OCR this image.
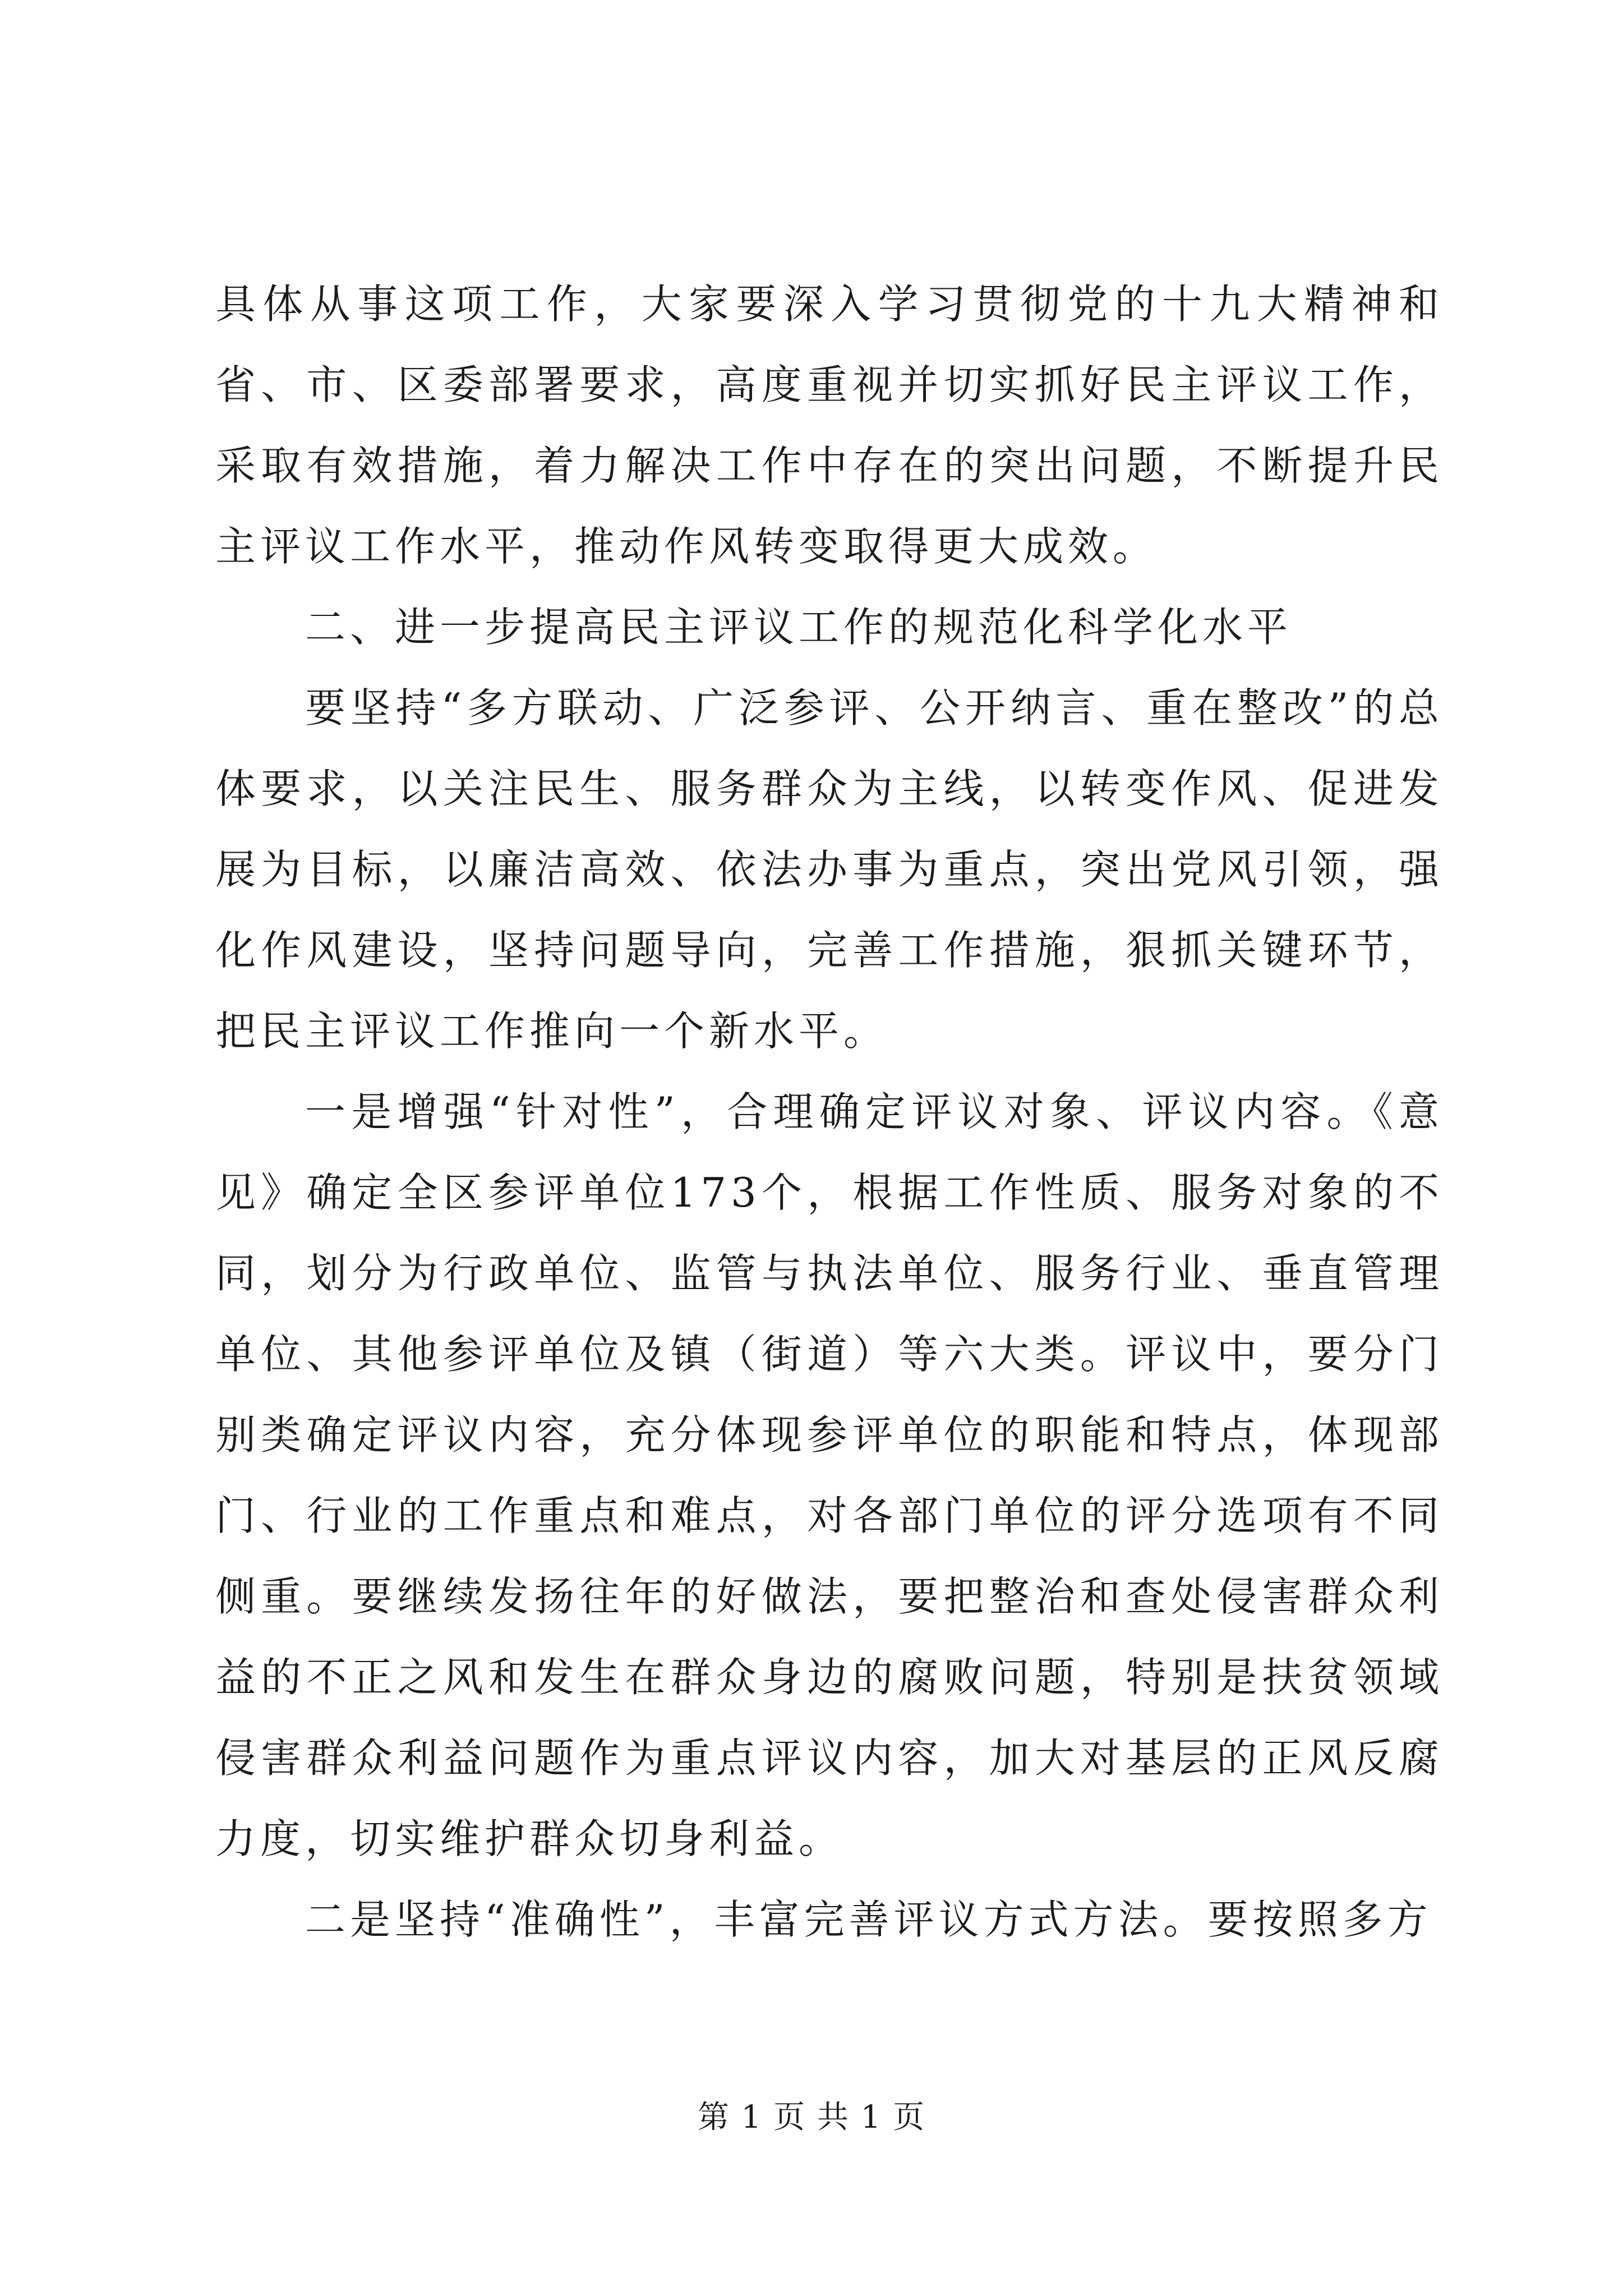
具体从事这项工作，大家要深入学习贯彻党的十九大精神和省、市、区委部署要求，高度重视并切实抓好民主评议工作，采取有效措施，着力解决工作中存在的突出问题，不断提升民主评议工作水平，推动作风转变取得更大成效。

二、进一步提高民主评议工作的规范化科学化水平

要坚持“多方联动、广泛参评、公开纳言、重在整改”的总体要求，以关注民生、服务群众为主线，以转变作风、促进发展为目标，以廉洁高效、依法办事为重点，突出党风引领，强化作风建设，坚持问题导向，完善工作措施，狠抓关键环节，把民主评议工作推向一个新水平。

一是增强“针对性”，合理确定评议对象、评议内容。《意见》确定全区参评单位173个，根据工作性质、服务对象的不同，划分为行政单位、监管与执法单位、服务行业、垂直管理单位、其他参评单位及镇（街道）等六大类。评议中，要分门别类确定评议内容，充分体现参评单位的职能和特点，体现部门、行业的工作重点和难点，对各部门单位的评分选项有不同侧重。要继续发扬往年的好做法，要把整治和查处侵害群众利益的不正之风和发生在群众身边的腐败问题，特别是扶贫领域侵害群众利益问题作为重点评议内容，加大对基层的正风反腐力度，切实维护群众切身利益。

二是坚持“准确性”，丰富完善评议方式方法。要按照多方

第 1 页 共 1 页
